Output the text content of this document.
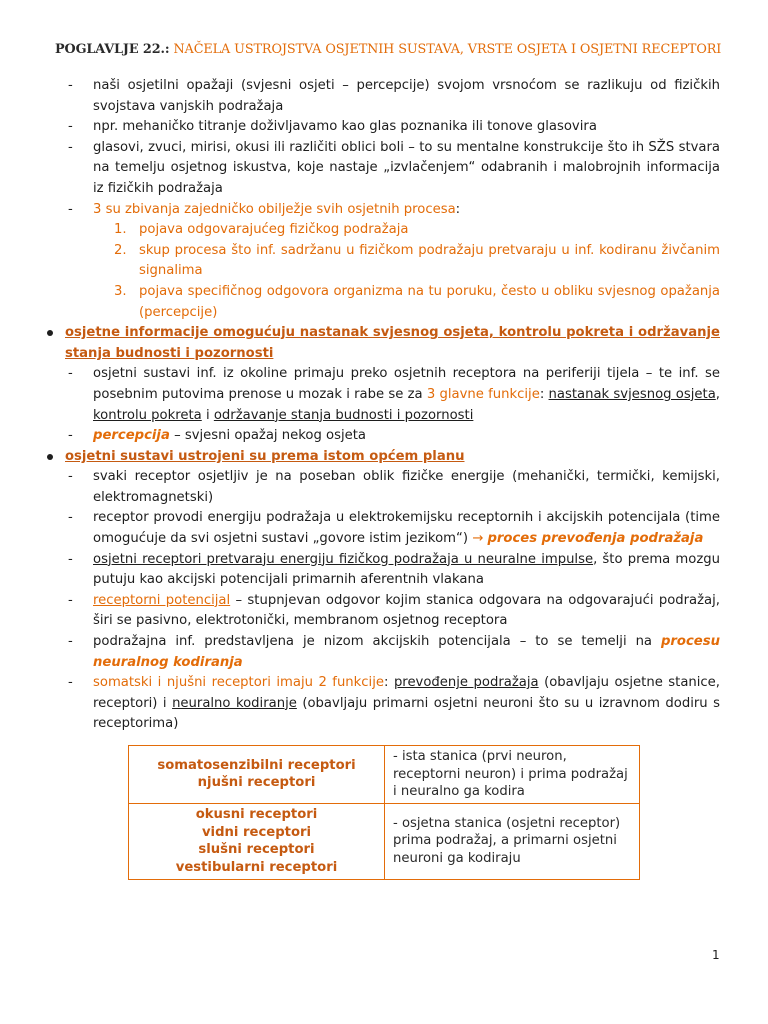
POGLAVLJE 22.: NAČELA USTROJSTVA OSJETNIH SUSTAVA, VRSTE OSJETA I OSJETNI RECEPTORI
- naši osjetilni opažaji (svjesni osjeti – percepcije) svojom vrsnoćom se razlikuju od fizičkih svojstava vanjskih podražaja
- npr. mehaničko titranje doživljavamo kao glas poznanika ili tonove glasovira
- glasovi, zvuci, mirisi, okusi ili različiti oblici boli – to su mentalne konstrukcije što ih SŽS stvara na temelju osjetnog iskustva, koje nastaje „izvlačenjem“ odabranih i malobrojnih informacija iz fizičkih podražaja
- 3 su zbivanja zajedničko obilježje svih osjetnih procesa:
1. pojava odgovarajućeg fizičkog podražaja
2. skup procesa što inf. sadržanu u fizičkom podražaju pretvaraju u inf. kodiranu živčanim signalima
3. pojava specifičnog odgovora organizma na tu poruku, često u obliku svjesnog opažanja (percepcije)
osjetne informacije omogućuju nastanak svjesnog osjeta, kontrolu pokreta i održavanje stanja budnosti i pozornosti
- osjetni sustavi inf. iz okoline primaju preko osjetnih receptora na periferiji tijela – te inf. se posebnim putovima prenose u mozak i rabe se za 3 glavne funkcije: nastanak svjesnog osjeta, kontrolu pokreta i održavanje stanja budnosti i pozornosti
- percepcija – svjesni opažaj nekog osjeta
osjetni sustavi ustrojeni su prema istom općem planu
- svaki receptor osjetljiv je na poseban oblik fizičke energije (mehanički, termički, kemijski, elektromagnetski)
- receptor provodi energiju podražaja u elektrokemijsku receptornih i akcijskih potencijala (time omogućuje da svi osjetni sustavi „govore istim jezikom“) → proces prevođenja podražaja
- osjetni receptori pretvaraju energiju fizičkog podražaja u neuralne impulse, što prema mozgu putuju kao akcijski potencijali primarnih aferentnih vlakana
- receptorni potencijal – stupnjevan odgovor kojim stanica odgovara na odgovarajući podražaj, širi se pasivno, elektrotonički, membranom osjetnog receptora
- podražajna inf. predstavljena je nizom akcijskih potencijala – to se temelji na procesu neuralnog kodiranja
- somatski i njušni receptori imaju 2 funkcije: prevođenje podražaja (obavljaju osjetne stanice, receptori) i neuralno kodiranje (obavljaju primarni osjetni neuroni što su u izravnom dodiru s receptorima)
somatosenzibilni receptori
njušni receptori	- ista stanica (prvi neuron, receptorni neuron) i prima podražaj i neuralno ga kodira

okusni receptori
vidni receptori
slušni receptori
vestibularni receptori	- osjetna stanica (osjetni receptor) prima podražaj, a primarni osjetni neuroni ga kodiraju
1
